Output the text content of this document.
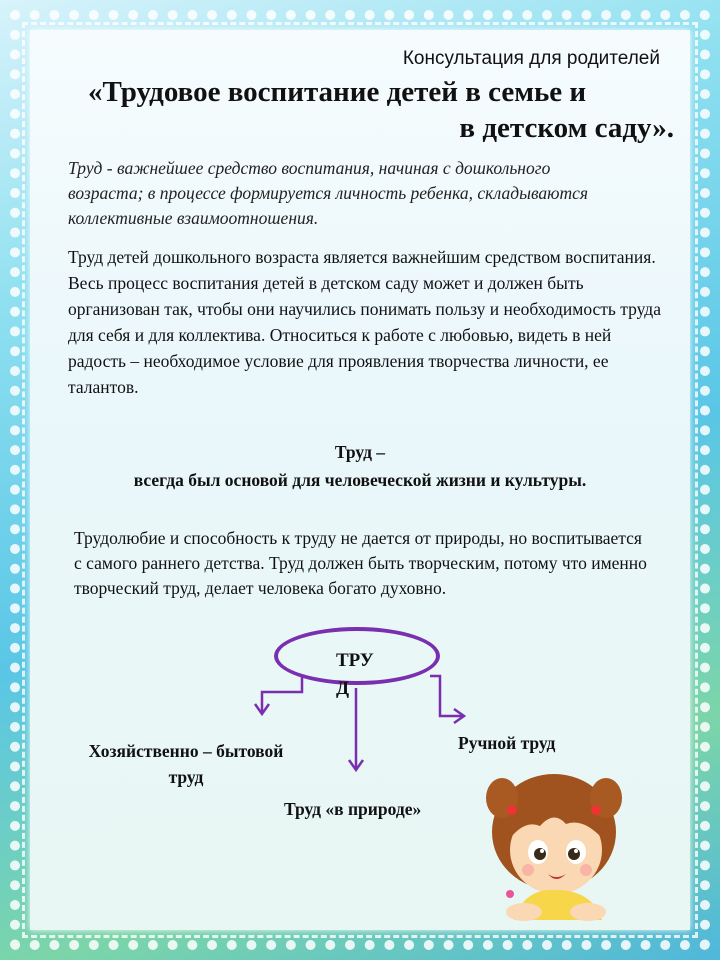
Консультация для родителей
«Трудовое воспитание детей в семье и
в детском саду».
Труд - важнейшее средство воспитания, начиная с дошкольного возраста; в процессе формируется личность ребенка, складываются коллективные взаимоотношения.
Труд детей дошкольного возраста является важнейшим средством воспитания. Весь процесс воспитания детей в детском саду может и должен быть организован так, чтобы они научились понимать пользу и необходимость труда для себя и для коллектива. Относиться к работе с любовью, видеть в ней радость – необходимое условие для проявления творчества личности, ее талантов.
Труд –
всегда был основой для человеческой жизни и культуры.
Трудолюбие и способность к труду не дается от природы, но воспитывается с самого раннего детства. Труд должен быть творческим, потому что именно творческий труд, делает человека богато духовно.
ТРУД
Хозяйственно – бытовой
труд
Ручной труд
Труд «в природе»
